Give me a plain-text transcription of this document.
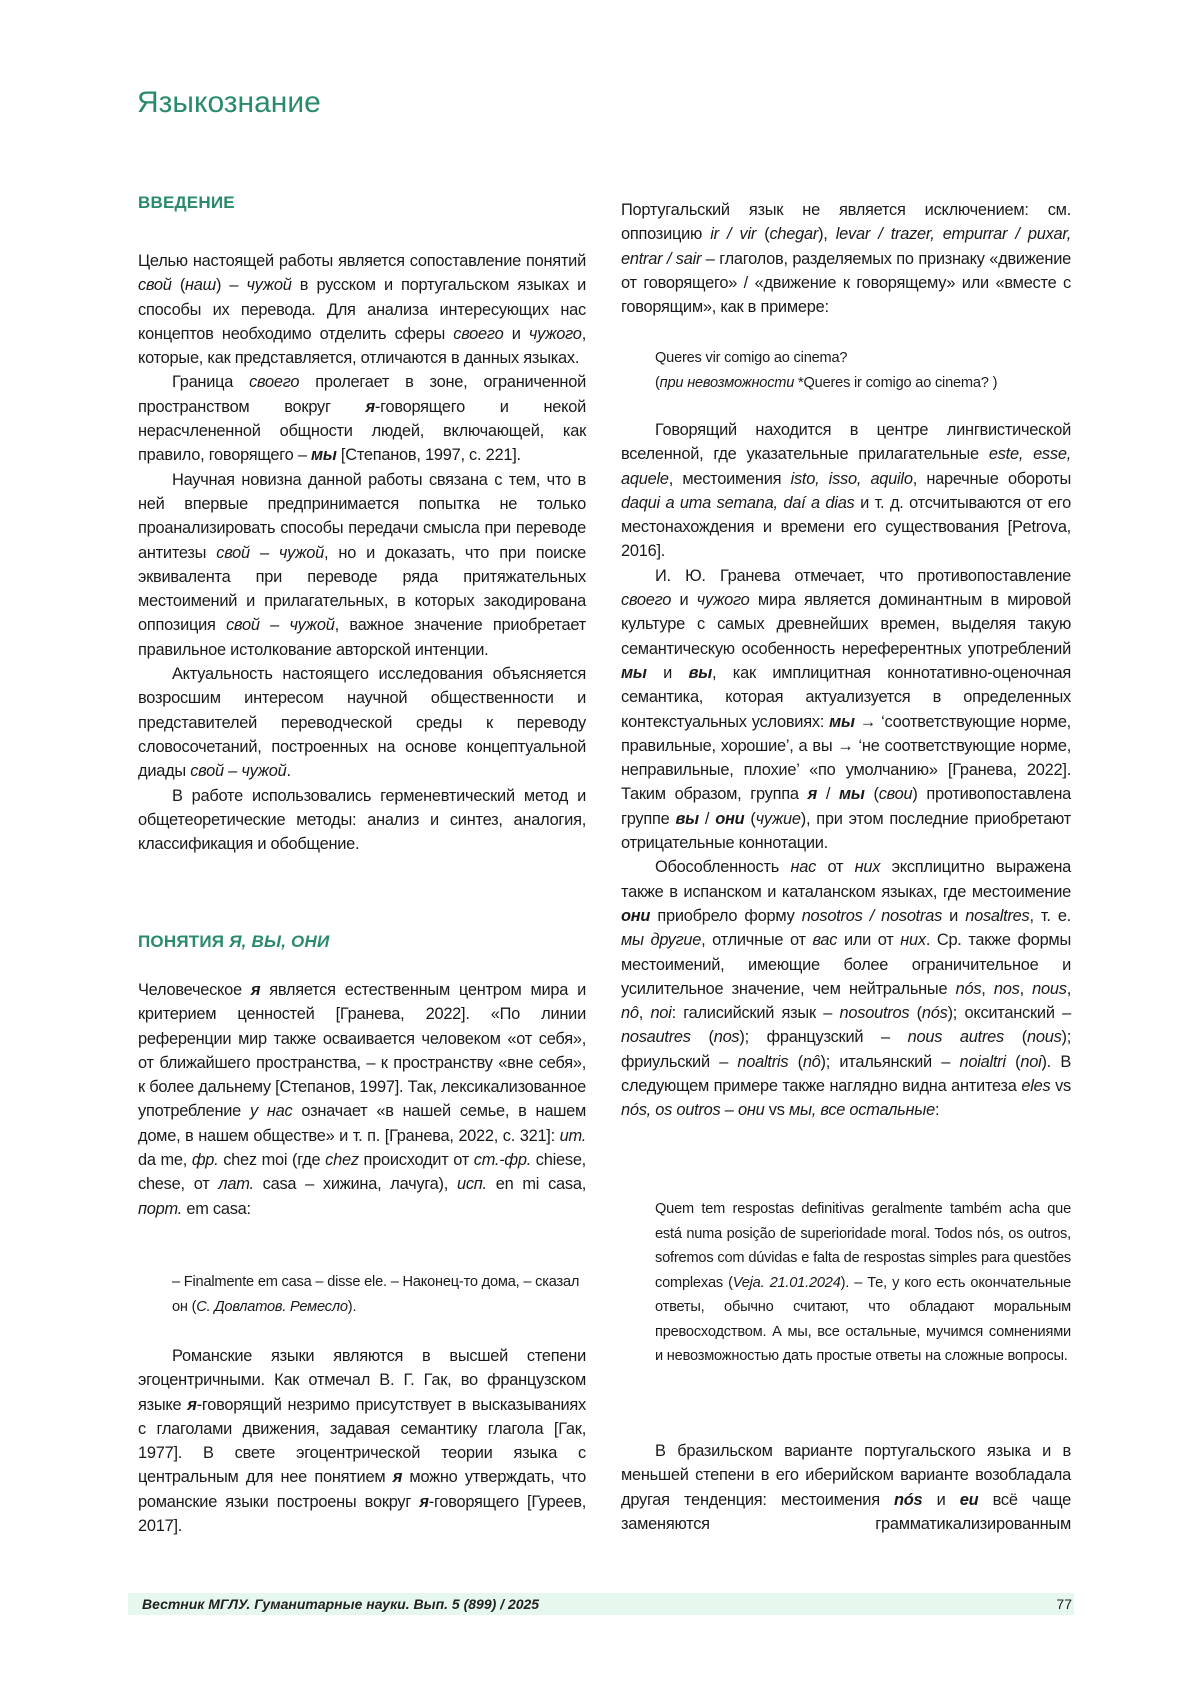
Языкознание
ВВЕДЕНИЕ

Целью настоящей работы является сопоставление понятий свой (наш) – чужой в русском и португальском языках и способы их перевода. Для анализа интересующих нас концептов необходимо отделить сферы своего и чужого, которые, как представляется, отличаются в данных языках.

Граница своего пролегает в зоне, ограниченной пространством вокруг я-говорящего и некой нерасчлененной общности людей, включающей, как правило, говорящего – мы [Степанов, 1997, с. 221].

Научная новизна данной работы связана с тем, что в ней впервые предпринимается попытка не только проанализировать способы передачи смысла при переводе антитезы свой – чужой, но и доказать, что при поиске эквивалента при переводе ряда притяжательных местоимений и прилагательных, в которых закодирована оппозиция свой – чужой, важное значение приобретает правильное истолкование авторской интенции.

Актуальность настоящего исследования объясняется возросшим интересом научной общественности и представителей переводческой среды к переводу словосочетаний, построенных на основе концептуальной диады свой – чужой.

В работе использовались герменевтический метод и общетеоретические методы: анализ и синтез, аналогия, классификация и обобщение.

ПОНЯТИЯ Я, ВЫ, ОНИ

Человеческое я является естественным центром мира и критерием ценностей [Гранева, 2022]. «По линии референции мир также осваивается человеком «от себя», от ближайшего пространства, – к пространству «вне себя», к более дальнему [Степанов, 1997]. Так, лексикализованное употребление у нас означает «в нашей семье, в нашем доме, в нашем обществе» и т. п. [Гранева, 2022, с. 321]: ит. da me, фр. chez moi (где chez происходит от ст.-фр. chiese, chese, от лат. casa – хижина, лачуга), исп. en mi casa, порт. em casa:

– Finalmente em casa – disse ele. – Наконец-то дома, – сказал он (С. Довлатов. Ремесло).

Романские языки являются в высшей степени эгоцентричными. Как отмечал В. Г. Гак, во французском языке я-говорящий незримо присутствует в высказываниях с глаголами движения, задавая семантику глагола [Гак, 1977]. В свете эгоцентрической теории языка с центральным для нее понятием я можно утверждать, что романские языки построены вокруг я-говорящего [Гуреев, 2017].

Португальский язык не является исключением: см. оппозицию ir / vir (chegar), levar / trazer, empurrar / puxar, entrar / sair – глаголов, разделяемых по признаку «движение от говорящего» / «движение к говорящему» или «вместе с говорящим», как в примере:

Queres vir comigo ao cinema?

(при невозможности *Queres ir comigo ao cinema? )

Говорящий находится в центре лингвистической вселенной, где указательные прилагательные este, esse, aquele, местоимения isto, isso, aquilo, наречные обороты daqui a uma semana, daí a dias и т. д. отсчитываются от его местонахождения и времени его существования [Petrova, 2016].

И. Ю. Гранева отмечает, что противопоставление своего и чужого мира является доминантным в мировой культуре с самых древнейших времен, выделяя такую семантическую особенность нереферентных употреблений мы и вы, как имплицитная коннотативно-оценочная семантика, которая актуализуется в определенных контекстуальных условиях: мы → ‘соответствующие норме, правильные, хорошие’, а вы → ‘не соответствующие норме, неправильные, плохие’ «по умолчанию» [Гранева, 2022]. Таким образом, группа я / мы (свои) противопоставлена группе вы / они (чужие), при этом последние приобретают отрицательные коннотации.

Обособленность нас от них эксплицитно выражена также в испанском и каталанском языках, где местоимение они приобрело форму nosotros / nosotras и nosaltres, т. е. мы другие, отличные от вас или от них. Ср. также формы местоимений, имеющие более ограничительное и усилительное значение, чем нейтральные nós, nos, nous, nô, noi: галисийский язык – nosoutros (nós); окситанский – nosautres (nos); французский – nous autres (nous); фриульский – noaltris (nô); итальянский – noialtri (noi). В следующем примере также наглядно видна антитеза eles vs nós, os outros – они vs мы, все остальные:

Quem tem respostas definitivas geralmente também acha que está numa posição de superioridade moral. Todos nós, os outros, sofremos com dúvidas e falta de respostas simples para questões complexas (Veja. 21.01.2024). – Те, у кого есть окончательные ответы, обычно считают, что обладают моральным превосходством. А мы, все остальные, мучимся сомнениями и невозможностью дать простые ответы на сложные вопросы.

В бразильском варианте португальского языка и в меньшей степени в его иберийском варианте возобладала другая тенденция: местоимения nós и eu всё чаще заменяются грамматикализированным

Вестник МГЛУ. Гуманитарные науки. Вып. 5 (899) / 2025	77
